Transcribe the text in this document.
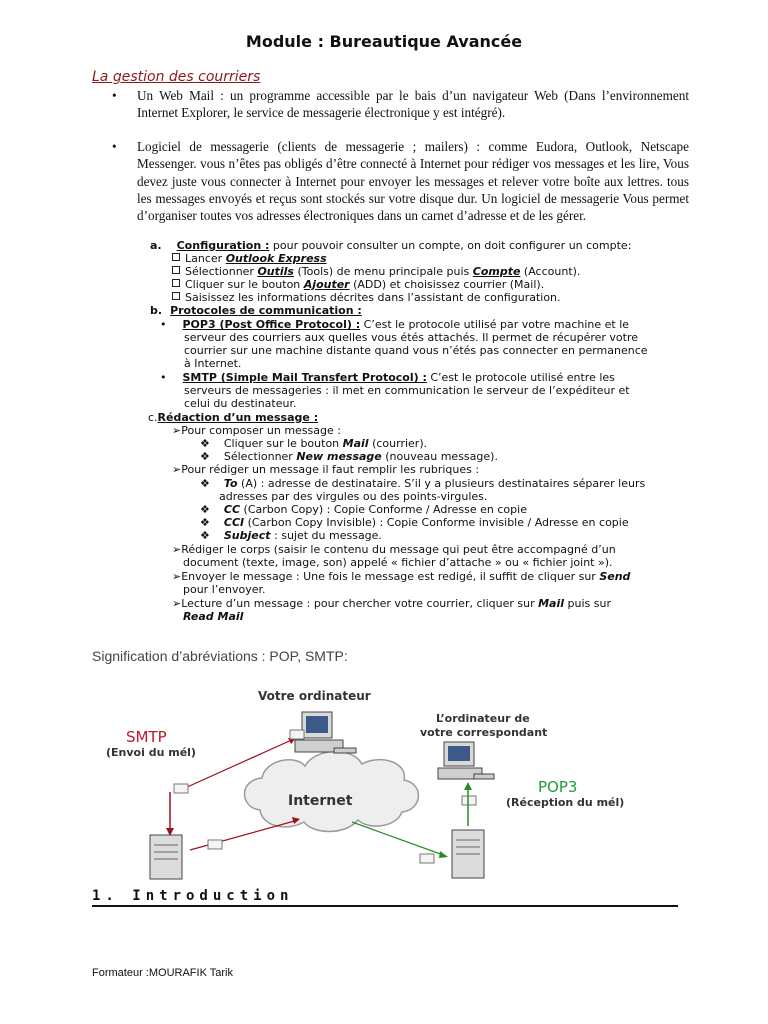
Module : Bureautique Avancée
La gestion des courriers
• Un Web Mail : un programme accessible par le bais d’un navigateur Web (Dans l’environnement Internet Explorer, le service de messagerie électronique y est intégré).
• Logiciel de messagerie (clients de messagerie ; mailers) : comme Eudora, Outlook, Netscape Messenger. vous n’êtes pas obligés d’être connecté à Internet pour rédiger vos messages et les lire, Vous devez juste vous connecter à Internet pour envoyer les messages et relever votre boîte aux lettres. tous les messages envoyés et reçus sont stockés sur votre disque dur. Un logiciel de messagerie Vous permet d’organiser toutes vos adresses électroniques dans un carnet d’adresse et de les gérer.
a. Configuration : pour pouvoir consulter un compte, on doit configurer un compte:
Lancer Outlook Express
Sélectionner Outils (Tools) de menu principale puis Compte (Account).
Cliquer sur le bouton Ajouter (ADD) et choisissez courrier (Mail).
Saisissez les informations décrites dans l’assistant de configuration.
b. Protocoles de communication :
• POP3 (Post Office Protocol) : C’est le protocole utilisé par votre machine et le
serveur des courriers aux quelles vous étés attachés. Il permet de récupérer votre
courrier sur une machine distante quand vous n’étés pas connecter en permanence
à Internet.
• SMTP (Simple Mail Transfert Protocol) : C’est le protocole utilisé entre les
serveurs de messageries : il met en communication le serveur de l’expéditeur et
celui du destinateur.
c.Rédaction d’un message :
➢Pour composer un message :
❖ Cliquer sur le bouton Mail (courrier).
❖ Sélectionner New message (nouveau message).
➢Pour rédiger un message il faut remplir les rubriques :
❖ To (A) : adresse de destinataire. S’il y a plusieurs destinataires séparer leurs
adresses par des virgules ou des points-virgules.
❖ CC (Carbon Copy) : Copie Conforme / Adresse en copie
❖ CCI (Carbon Copy Invisible) : Copie Conforme invisible / Adresse en copie
❖ Subject : sujet du message.
➢Rédiger le corps (saisir le contenu du message qui peut être accompagné d’un
document (texte, image, son) appelé « fichier d’attache » ou « fichier joint »).
➢Envoyer le message : Une fois le message est redigé, il suffit de cliquer sur Send
pour l’envoyer.
➢Lecture d’un message : pour chercher votre courrier, cliquer sur Mail puis sur
Read Mail
Signification d’abréviations : POP, SMTP:
Internet
Votre ordinateur
L’ordinateur de
votre correspondant
SMTP
(Envoi du mél)
POP3
(Réception du mél)
1. Introduction
Formateur :MOURAFIK Tarik
